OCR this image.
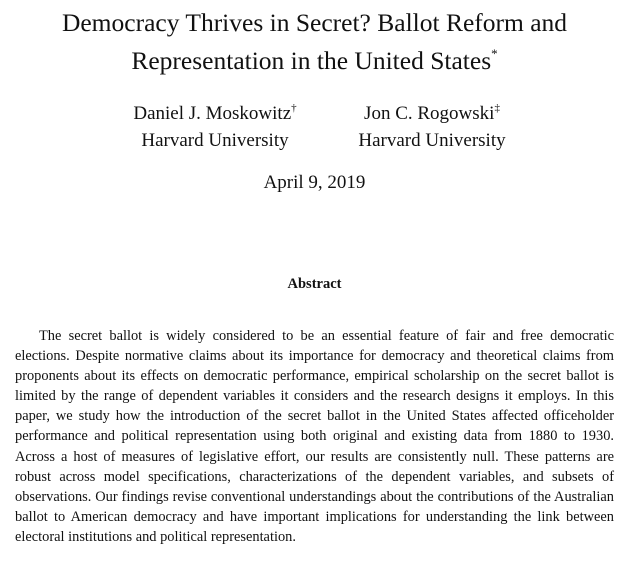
Democracy Thrives in Secret? Ballot Reform and
Representation in the United States*
Daniel J. Moskowitz†
Harvard University
Jon C. Rogowski‡
Harvard University
April 9, 2019
Abstract

The secret ballot is widely considered to be an essential feature of fair and free democratic elections. Despite normative claims about its importance for democracy and theoretical claims from proponents about its effects on democratic performance, empirical scholarship on the secret ballot is limited by the range of dependent variables it considers and the research designs it employs. In this paper, we study how the introduction of the secret ballot in the United States affected officeholder performance and political representation using both original and existing data from 1880 to 1930. Across a host of measures of legislative effort, our results are consistently null. These patterns are robust across model specifications, characterizations of the dependent variables, and subsets of observations. Our findings revise conventional understandings about the contributions of the Australian ballot to American democracy and have important implications for understanding the link between electoral institutions and political representation.
